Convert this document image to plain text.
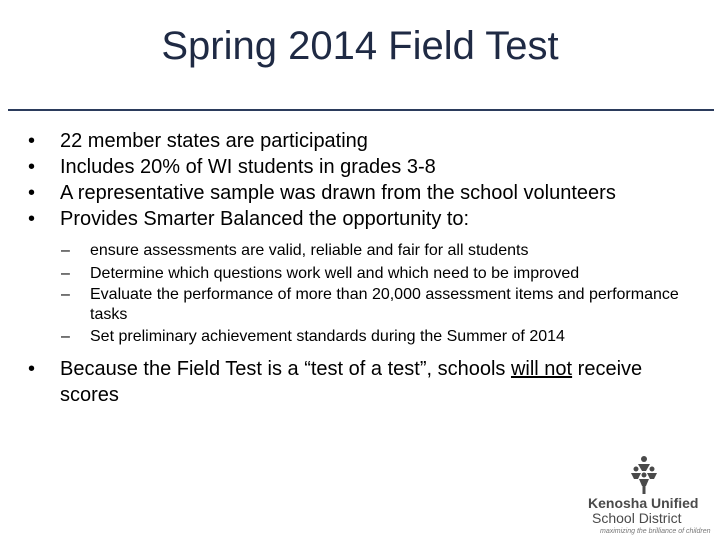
Spring 2014 Field Test
• 22 member states are participating
• Includes 20% of WI students in grades 3-8
• A representative sample was drawn from the school volunteers
• Provides Smarter Balanced the opportunity to:
– ensure assessments are valid, reliable and fair for all students
– Determine which questions work well and which need to be improved
– Evaluate the performance of more than 20,000 assessment items and performance tasks
– Set preliminary achievement standards during the Summer of 2014
• Because the Field Test is a “test of a test”, schools will not receive scores
Kenosha Unified
School District
maximizing the brilliance of children
